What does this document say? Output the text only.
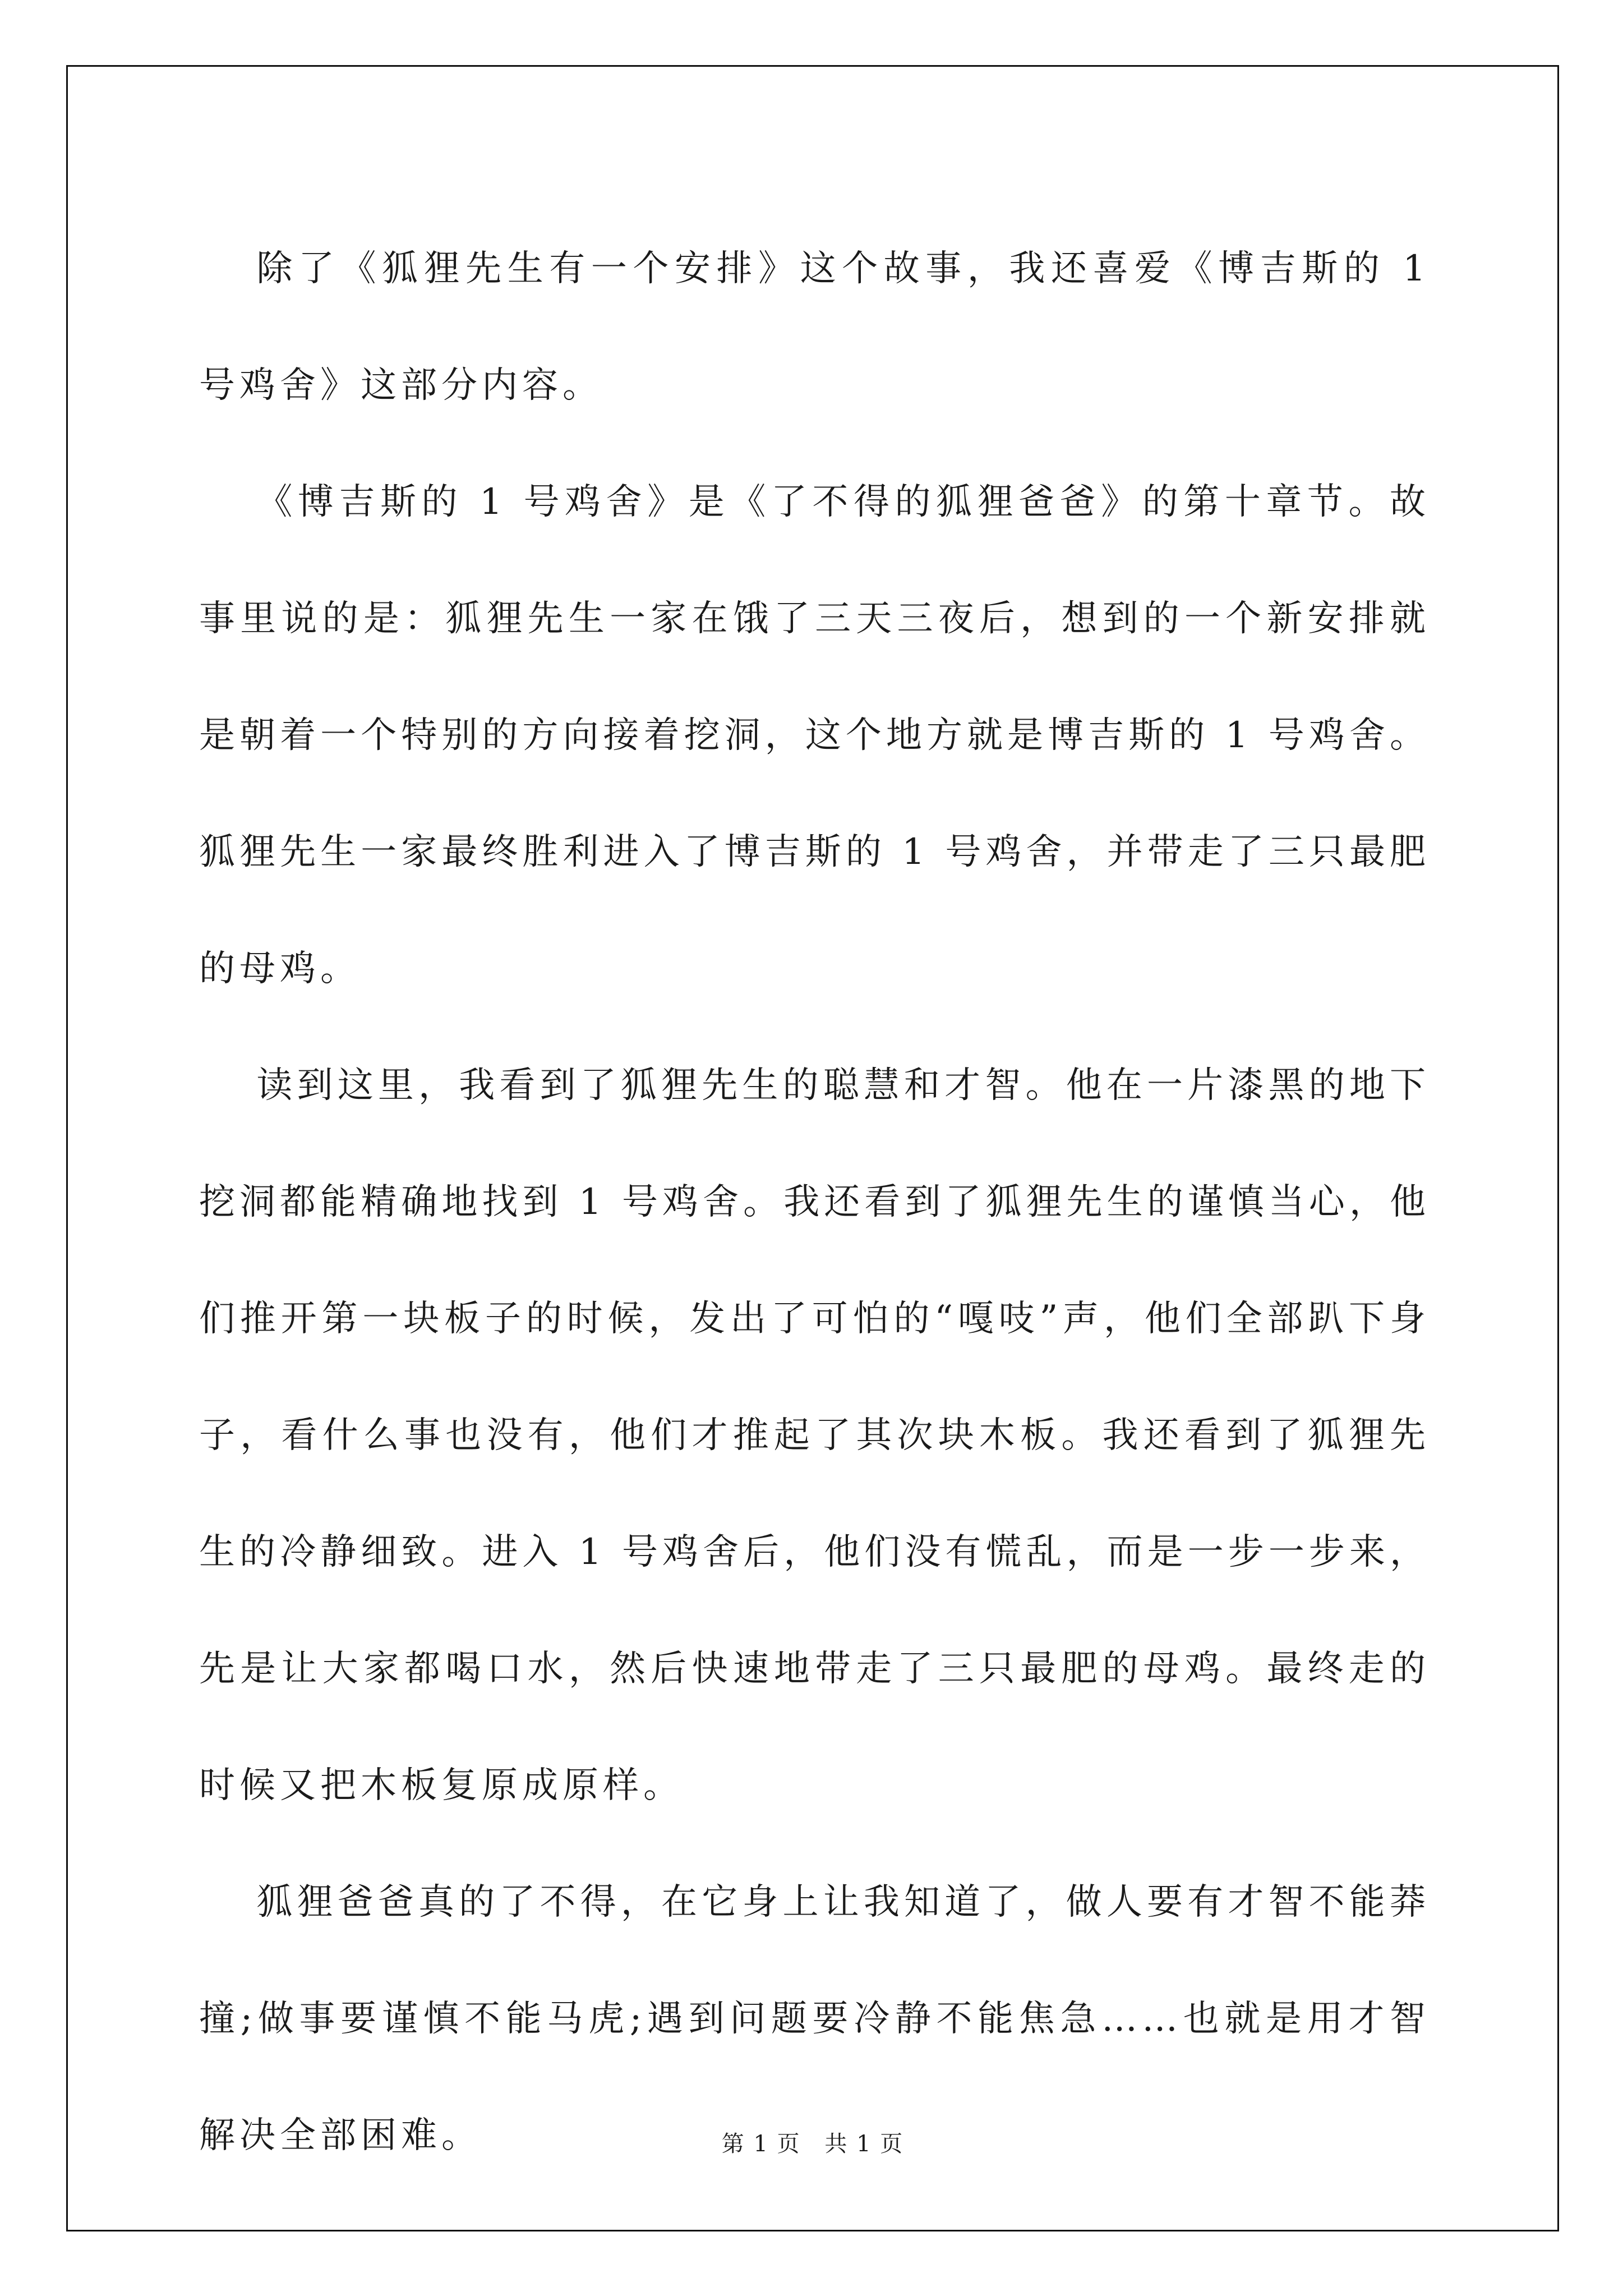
除了《狐狸先生有一个安排》这个故事，我还喜爱《博吉斯的 1 号鸡舍》这部分内容。

《博吉斯的 1 号鸡舍》是《了不得的狐狸爸爸》的第十章节。故事里说的是：狐狸先生一家在饿了三天三夜后，想到的一个新安排就是朝着一个特别的方向接着挖洞，这个地方就是博吉斯的 1 号鸡舍。狐狸先生一家最终胜利进入了博吉斯的 1 号鸡舍，并带走了三只最肥的母鸡。

读到这里，我看到了狐狸先生的聪慧和才智。他在一片漆黑的地下挖洞都能精确地找到 1 号鸡舍。我还看到了狐狸先生的谨慎当心，他们推开第一块板子的时候，发出了可怕的“嘎吱”声，他们全部趴下身子，看什么事也没有，他们才推起了其次块木板。我还看到了狐狸先生的冷静细致。进入 1 号鸡舍后，他们没有慌乱，而是一步一步来，先是让大家都喝口水，然后快速地带走了三只最肥的母鸡。最终走的时候又把木板复原成原样。

狐狸爸爸真的了不得，在它身上让我知道了，做人要有才智不能莽撞;做事要谨慎不能马虎;遇到问题要冷静不能焦急……也就是用才智解决全部困难。	第 1 页 共 1 页
